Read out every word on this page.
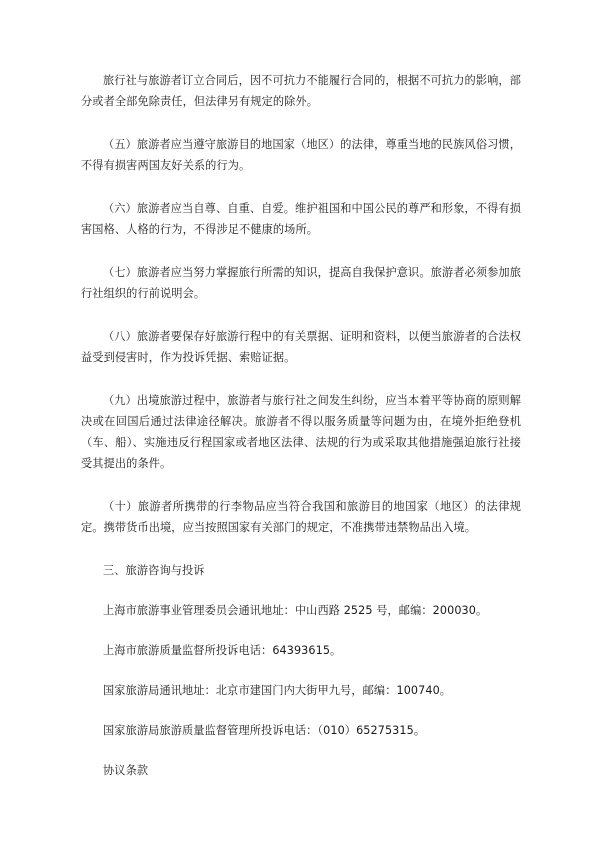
旅行社与旅游者订立合同后，因不可抗力不能履行合同的，根据不可抗力的影响，部分或者全部免除责任，但法律另有规定的除外。

（五）旅游者应当遵守旅游目的地国家（地区）的法律，尊重当地的民族风俗习惯，不得有损害两国友好关系的行为。

（六）旅游者应当自尊、自重、自爱。维护祖国和中国公民的尊严和形象，不得有损害国格、人格的行为，不得涉足不健康的场所。

（七）旅游者应当努力掌握旅行所需的知识，提高自我保护意识。旅游者必须参加旅行社组织的行前说明会。

（八）旅游者要保存好旅游行程中的有关票据、证明和资料，以便当旅游者的合法权益受到侵害时，作为投诉凭据、索赔证据。

（九）出境旅游过程中，旅游者与旅行社之间发生纠纷，应当本着平等协商的原则解决或在回国后通过法律途径解决。旅游者不得以服务质量等问题为由，在境外拒绝登机（车、船）、实施违反行程国家或者地区法律、法规的行为或采取其他措施强迫旅行社接受其提出的条件。

（十）旅游者所携带的行李物品应当符合我国和旅游目的地国家（地区）的法律规定。携带货币出境，应当按照国家有关部门的规定，不准携带违禁物品出入境。

三、旅游咨询与投诉

上海市旅游事业管理委员会通讯地址：中山西路 2525 号，邮编：200030。

上海市旅游质量监督所投诉电话：64393615。

国家旅游局通讯地址：北京市建国门内大街甲九号，邮编：100740。

国家旅游局旅游质量监督管理所投诉电话：（010）65275315。

协议条款
